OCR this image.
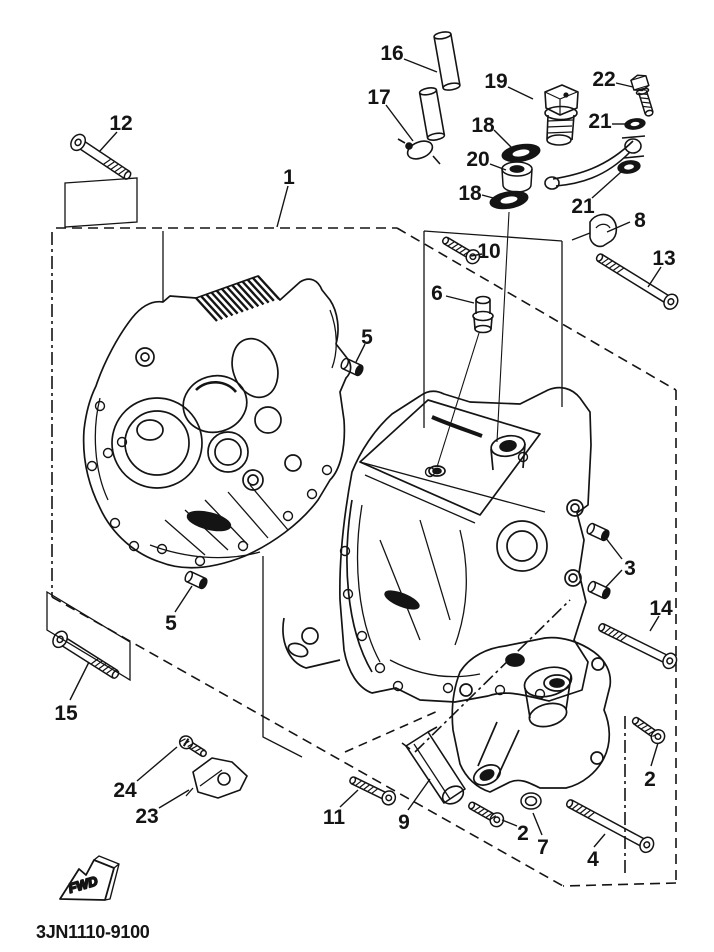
1
2
2
3
4
5
5
6
7
8
9
10
11
12
13
14
15
16
17
18
18
19
20
21
21
22
23
24
FWD
3JN1110-9100
